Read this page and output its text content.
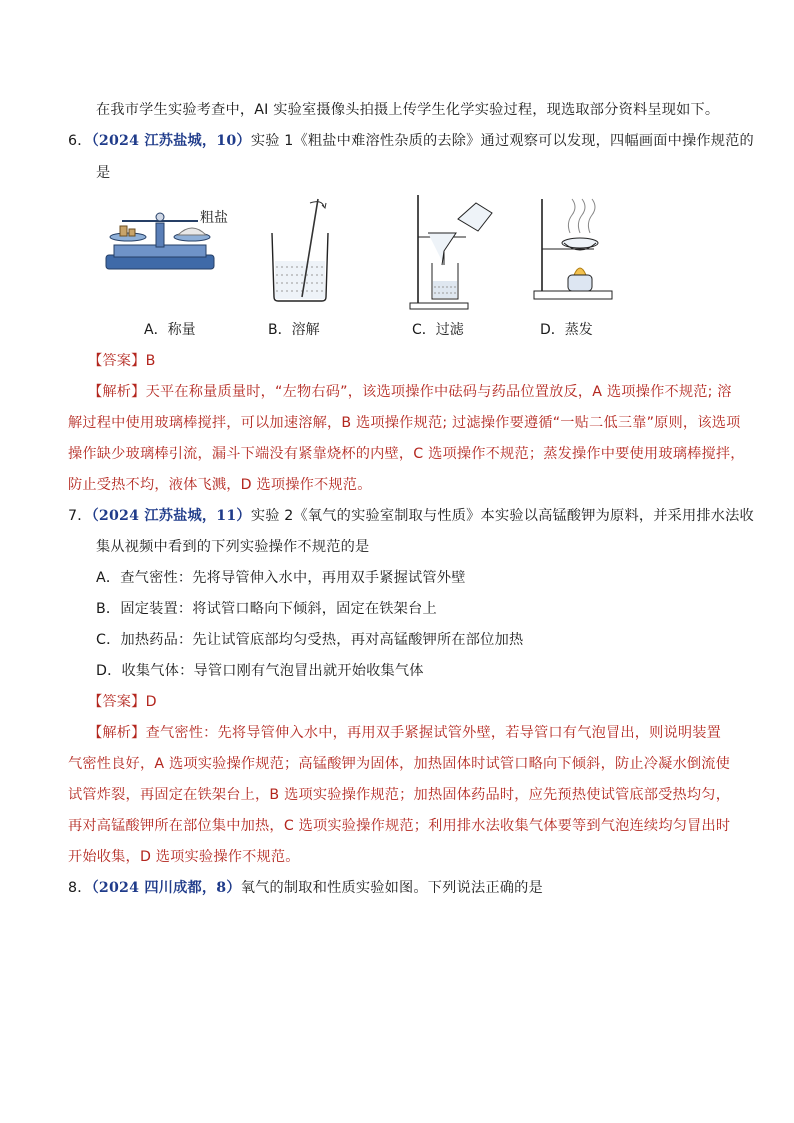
在我市学生实验考查中，AI 实验室摄像头拍摄上传学生化学实验过程，现选取部分资料呈现如下。
6．（2024 江苏盐城，10）实验 1《粗盐中难溶性杂质的去除》通过观察可以发现，四幅画面中操作规范的
是
粗盐
A．称量	B．溶解	C．过滤	D．蒸发
【答案】B
【解析】天平在称量质量时，“左物右码”，该选项操作中砝码与药品位置放反，A 选项操作不规范; 溶
解过程中使用玻璃棒搅拌，可以加速溶解，B 选项操作规范; 过滤操作要遵循“一贴二低三靠”原则，该选项
操作缺少玻璃棒引流，漏斗下端没有紧靠烧杯的内壁，C 选项操作不规范；蒸发操作中要使用玻璃棒搅拌，
防止受热不均，液体飞溅，D 选项操作不规范。
7．（2024 江苏盐城，11）实验 2《氧气的实验室制取与性质》本实验以高锰酸钾为原料，并采用排水法收
集从视频中看到的下列实验操作不规范的是
A．查气密性：先将导管伸入水中，再用双手紧握试管外壁
B．固定装置：将试管口略向下倾斜，固定在铁架台上
C．加热药品：先让试管底部均匀受热，再对高锰酸钾所在部位加热
D．收集气体：导管口刚有气泡冒出就开始收集气体
【答案】D
【解析】查气密性：先将导管伸入水中，再用双手紧握试管外壁，若导管口有气泡冒出，则说明装置
气密性良好，A 选项实验操作规范；高锰酸钾为固体，加热固体时试管口略向下倾斜，防止冷凝水倒流使
试管炸裂，再固定在铁架台上，B 选项实验操作规范；加热固体药品时，应先预热使试管底部受热均匀，
再对高锰酸钾所在部位集中加热，C 选项实验操作规范；利用排水法收集气体要等到气泡连续均匀冒出时
开始收集，D 选项实验操作不规范。
8．（2024 四川成都，8）氧气的制取和性质实验如图。下列说法正确的是
